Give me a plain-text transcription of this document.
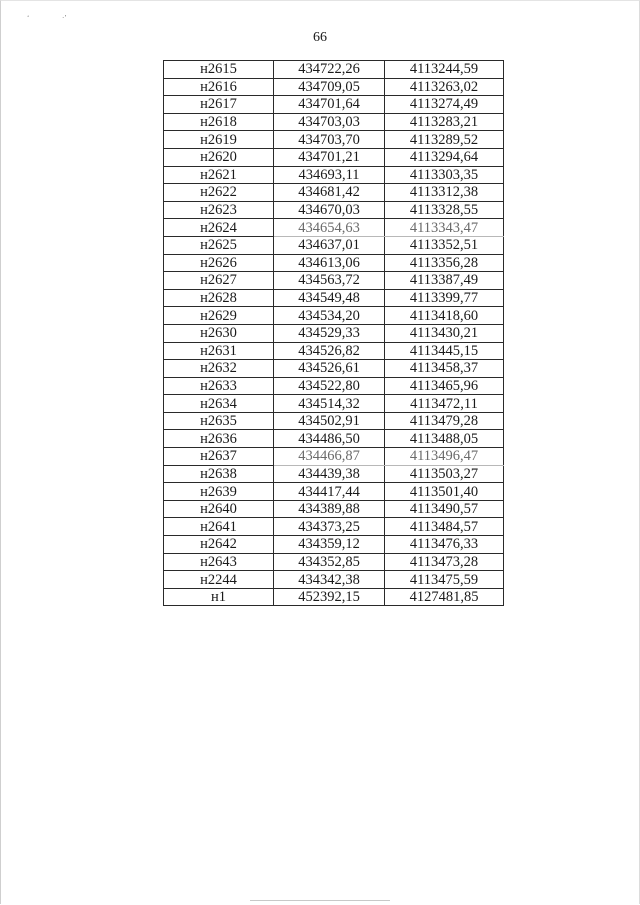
‘	·’
66
н2615	434722,26	4113244,59
н2616	434709,05	4113263,02
н2617	434701,64	4113274,49
н2618	434703,03	4113283,21
н2619	434703,70	4113289,52
н2620	434701,21	4113294,64
н2621	434693,11	4113303,35
н2622	434681,42	4113312,38
н2623	434670,03	4113328,55
н2624	434654,63	4113343,47
н2625	434637,01	4113352,51
н2626	434613,06	4113356,28
н2627	434563,72	4113387,49
н2628	434549,48	4113399,77
н2629	434534,20	4113418,60
н2630	434529,33	4113430,21
н2631	434526,82	4113445,15
н2632	434526,61	4113458,37
н2633	434522,80	4113465,96
н2634	434514,32	4113472,11
н2635	434502,91	4113479,28
н2636	434486,50	4113488,05
н2637	434466,87	4113496,47
н2638	434439,38	4113503,27
н2639	434417,44	4113501,40
н2640	434389,88	4113490,57
н2641	434373,25	4113484,57
н2642	434359,12	4113476,33
н2643	434352,85	4113473,28
н2244	434342,38	4113475,59
н1	452392,15	4127481,85
